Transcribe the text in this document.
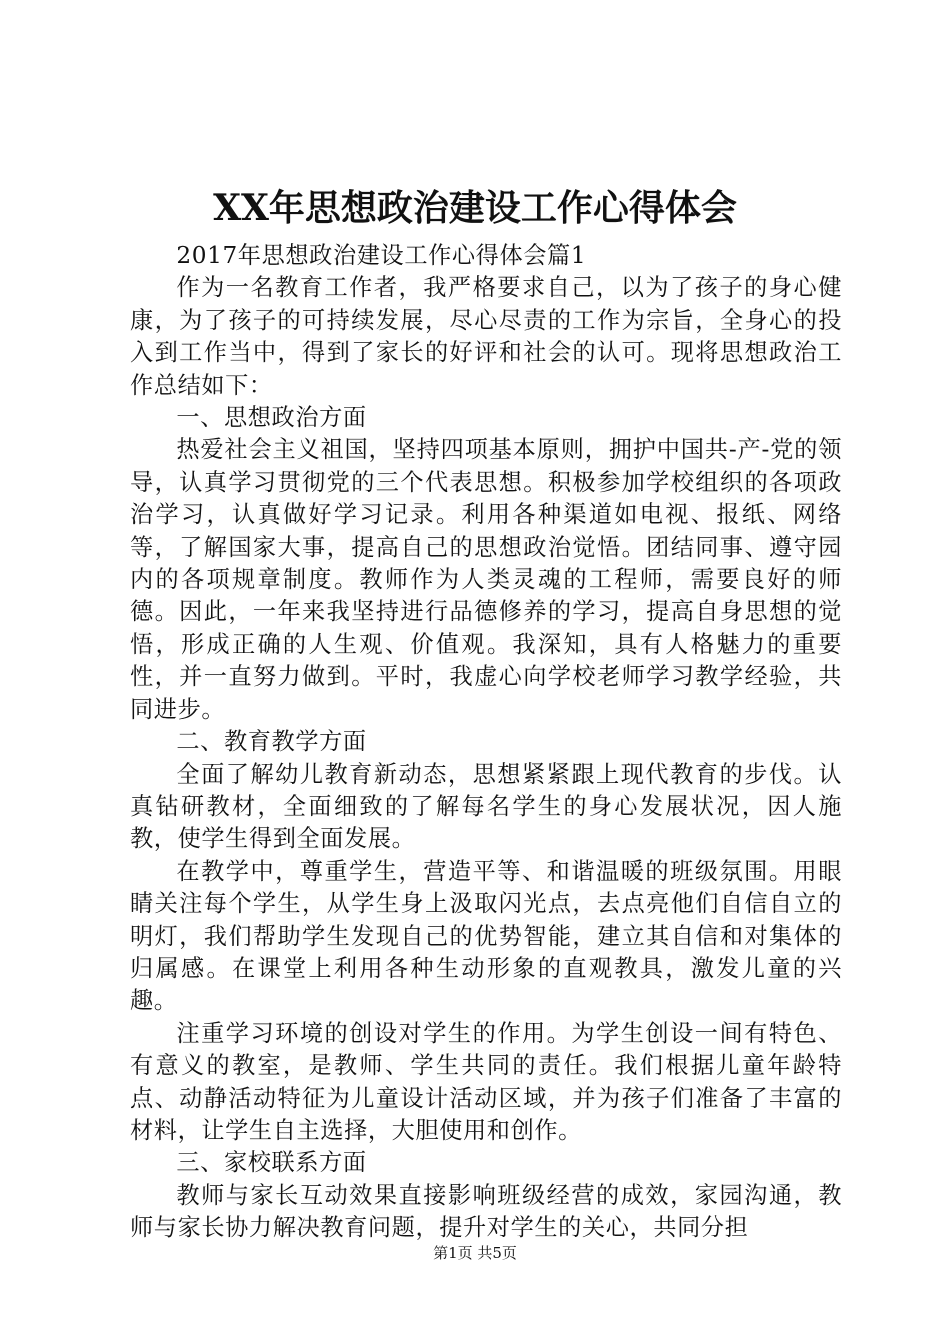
XX年思想政治建设工作心得体会

2017年思想政治建设工作心得体会篇1

作为一名教育工作者，我严格要求自己，以为了孩子的身心健康，为了孩子的可持续发展，尽心尽责的工作为宗旨，全身心的投入到工作当中，得到了家长的好评和社会的认可。现将思想政治工作总结如下：

一、思想政治方面

热爱社会主义祖国，坚持四项基本原则，拥护中国共-产-党的领导，认真学习贯彻党的三个代表思想。积极参加学校组织的各项政治学习，认真做好学习记录。利用各种渠道如电视、报纸、网络等，了解国家大事，提高自己的思想政治觉悟。团结同事、遵守园内的各项规章制度。教师作为人类灵魂的工程师，需要良好的师德。因此，一年来我坚持进行品德修养的学习，提高自身思想的觉悟，形成正确的人生观、价值观。我深知，具有人格魅力的重要性，并一直努力做到。平时，我虚心向学校老师学习教学经验，共同进步。

二、教育教学方面

全面了解幼儿教育新动态，思想紧紧跟上现代教育的步伐。认真钻研教材，全面细致的了解每名学生的身心发展状况，因人施教，使学生得到全面发展。

在教学中，尊重学生，营造平等、和谐温暖的班级氛围。用眼睛关注每个学生，从学生身上汲取闪光点，去点亮他们自信自立的明灯，我们帮助学生发现自己的优势智能，建立其自信和对集体的归属感。在课堂上利用各种生动形象的直观教具，激发儿童的兴趣。

注重学习环境的创设对学生的作用。为学生创设一间有特色、有意义的教室，是教师、学生共同的责任。我们根据儿童年龄特点、动静活动特征为儿童设计活动区域，并为孩子们准备了丰富的材料，让学生自主选择，大胆使用和创作。

三、家校联系方面

教师与家长互动效果直接影响班级经营的成效，家园沟通，教师与家长协力解决教育问题，提升对学生的关心，共同分担

第1页 共5页
